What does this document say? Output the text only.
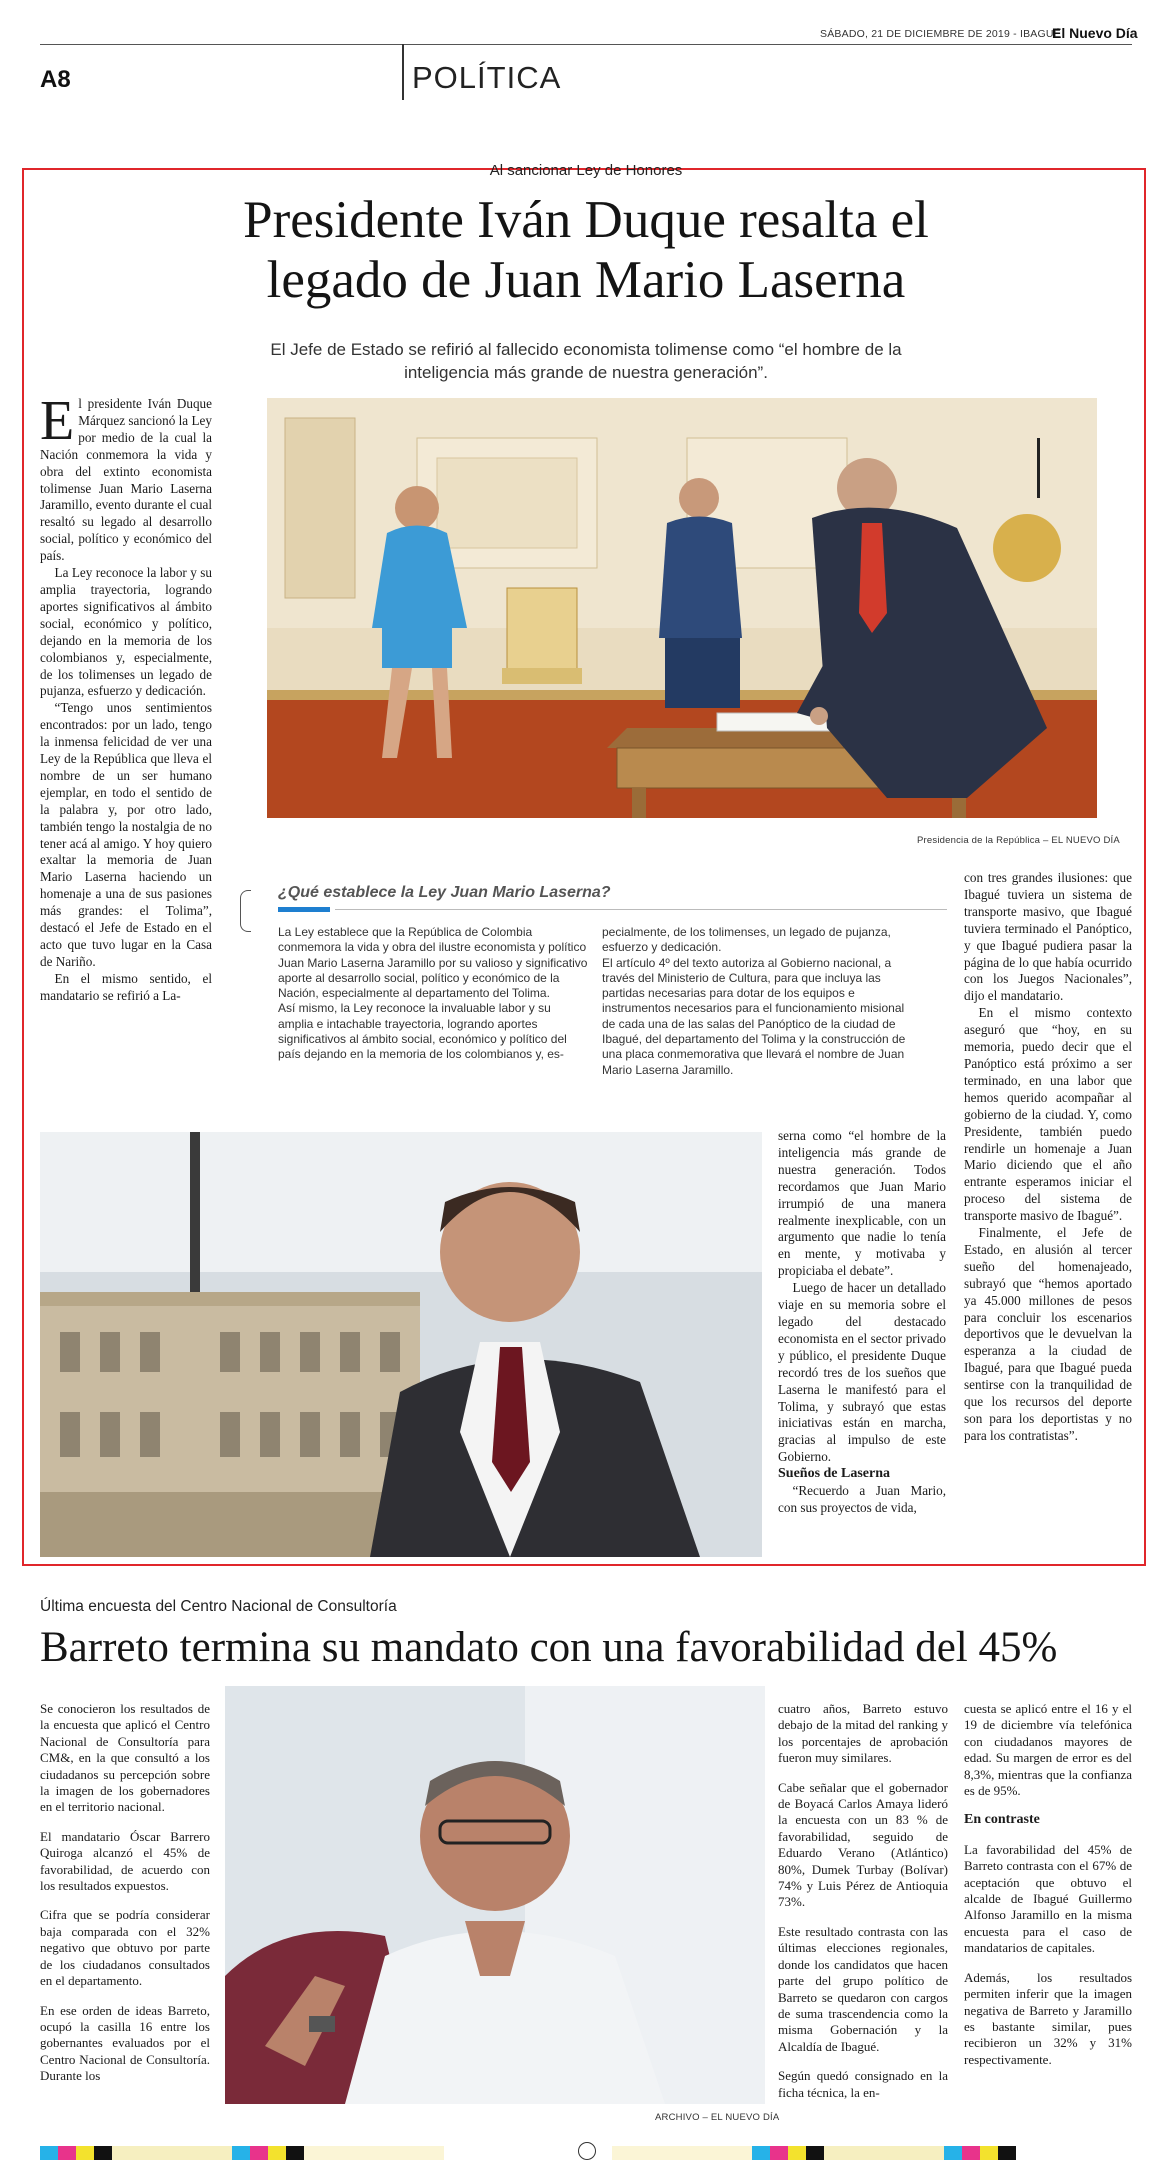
SÁBADO, 21 DE DICIEMBRE DE 2019 - IBAGUÉ
El Nuevo Día
A8	POLÍTICA
Al sancionar Ley de Honores
Presidente Iván Duque resalta el
legado de Juan Mario Laserna
El Jefe de Estado se refirió al fallecido economista tolimense como “el hombre de la
inteligencia más grande de nuestra generación”.
E l presidente Iván Duque Márquez sancionó la Ley por medio de la cual la Nación conmemora la vida y obra del extinto economista tolimense Juan Mario Laserna Jaramillo, evento durante el cual resaltó su legado al desarrollo social, político y económico del país.

La Ley reconoce la labor y su amplia trayectoria, logrando aportes significativos al ámbito social, económico y político, dejando en la memoria de los colombianos y, especialmente, de los tolimenses un legado de pujanza, esfuerzo y dedicación.

“Tengo unos sentimientos encontrados: por un lado, tengo la inmensa felicidad de ver una Ley de la República que lleva el nombre de un ser humano ejemplar, en todo el sentido de la palabra y, por otro lado, también tengo la nostalgia de no tener acá al amigo. Y hoy quiero exaltar la memoria de Juan Mario Laserna haciendo un homenaje a una de sus pasiones más grandes: el Tolima”, destacó el Jefe de Estado en el acto que tuvo lugar en la Casa de Nariño.

En el mismo sentido, el mandatario se refirió a La-

Presidencia de la República – EL NUEVO DÍA
¿Qué establece la Ley Juan Mario Laserna?

La Ley establece que la República de Colombia conmemora la vida y obra del ilustre economista y político Juan Mario Laserna Jaramillo por su valioso y significativo aporte al desarrollo social, político y económico de la Nación, especialmente al departamento del Tolima.

Así mismo, la Ley reconoce la invaluable labor y su amplia e intachable trayectoria, logrando aportes significativos al ámbito social, económico y político del país dejando en la memoria de los colombianos y, es-

pecialmente, de los tolimenses, un legado de pujanza, esfuerzo y dedicación.

El artículo 4º del texto autoriza al Gobierno nacional, a través del Ministerio de Cultura, para que incluya las partidas necesarias para dotar de los equipos e instrumentos necesarios para el funcionamiento misional de cada una de las salas del Panóptico de la ciudad de Ibagué, del departamento del Tolima y la construcción de una placa conmemorativa que llevará el nombre de Juan Mario Laserna Jaramillo.

con tres grandes ilusiones: que Ibagué tuviera un sistema de transporte masivo, que Ibagué tuviera terminado el Panóptico, y que Ibagué pudiera pasar la página de lo que había ocurrido con los Juegos Nacionales”, dijo el mandatario.

En el mismo contexto aseguró que “hoy, en su memoria, puedo decir que el Panóptico está próximo a ser terminado, en una labor que hemos querido acompañar al gobierno de la ciudad. Y, como Presidente, también puedo rendirle un homenaje a Juan Mario diciendo que el año entrante esperamos iniciar el proceso del sistema de transporte masivo de Ibagué”.

Finalmente, el Jefe de Estado, en alusión al tercer sueño del homenajeado, subrayó que “hemos aportado ya 45.000 millones de pesos para concluir los escenarios deportivos que le devuelvan la esperanza a la ciudad de Ibagué, para que Ibagué pueda sentirse con la tranquilidad de que los recursos del deporte son para los deportistas y no para los contratistas”.

serna como “el hombre de la inteligencia más grande de nuestra generación. Todos recordamos que Juan Mario irrumpió de una manera realmente inexplicable, con un argumento que nadie lo tenía en mente, y motivaba y propiciaba el debate”.

Luego de hacer un detallado viaje en su memoria sobre el legado del destacado economista en el sector privado y público, el presidente Duque recordó tres de los sueños que Laserna le manifestó para el Tolima, y subrayó que estas iniciativas están en marcha, gracias al impulso de este Gobierno.

Sueños de Laserna

“Recuerdo a Juan Mario, con sus proyectos de vida,

Última encuesta del Centro Nacional de Consultoría
Barreto termina su mandato con una favorabilidad del 45%

Se conocieron los resultados de la encuesta que aplicó el Centro Nacional de Consultoría para CM&, en la que consultó a los ciudadanos su percepción sobre la imagen de los gobernadores en el territorio nacional.

El mandatario Óscar Barrero Quiroga alcanzó el 45% de favorabilidad, de acuerdo con los resultados expuestos.

Cifra que se podría considerar baja comparada con el 32% negativo que obtuvo por parte de los ciudadanos consultados en el departamento.

En ese orden de ideas Barreto, ocupó la casilla 16 entre los gobernantes evaluados por el Centro Nacional de Consultoría. Durante los

ARCHIVO – EL NUEVO DÍA

cuatro años, Barreto estuvo debajo de la mitad del ranking y los porcentajes de aprobación fueron muy similares.

Cabe señalar que el gobernador de Boyacá Carlos Amaya lideró la encuesta con un 83 % de favorabilidad, seguido de Eduardo Verano (Atlántico) 80%, Dumek Turbay (Bolívar) 74% y Luis Pérez de Antioquia 73%.

Este resultado contrasta con las últimas elecciones regionales, donde los candidatos que hacen parte del grupo político de Barreto se quedaron con cargos de suma trascendencia como la misma Gobernación y la Alcaldía de Ibagué.

Según quedó consignado en la ficha técnica, la en-

cuesta se aplicó entre el 16 y el 19 de diciembre vía telefónica con ciudadanos mayores de edad. Su margen de error es del 8,3%, mientras que la confianza es de 95%.

En contraste

La favorabilidad del 45% de Barreto contrasta con el 67% de aceptación que obtuvo el alcalde de Ibagué Guillermo Alfonso Jaramillo en la misma encuesta para el caso de mandatarios de capitales.

Además, los resultados permiten inferir que la imagen negativa de Barreto y Jaramillo es bastante similar, pues recibieron un 32% y 31% respectivamente.
